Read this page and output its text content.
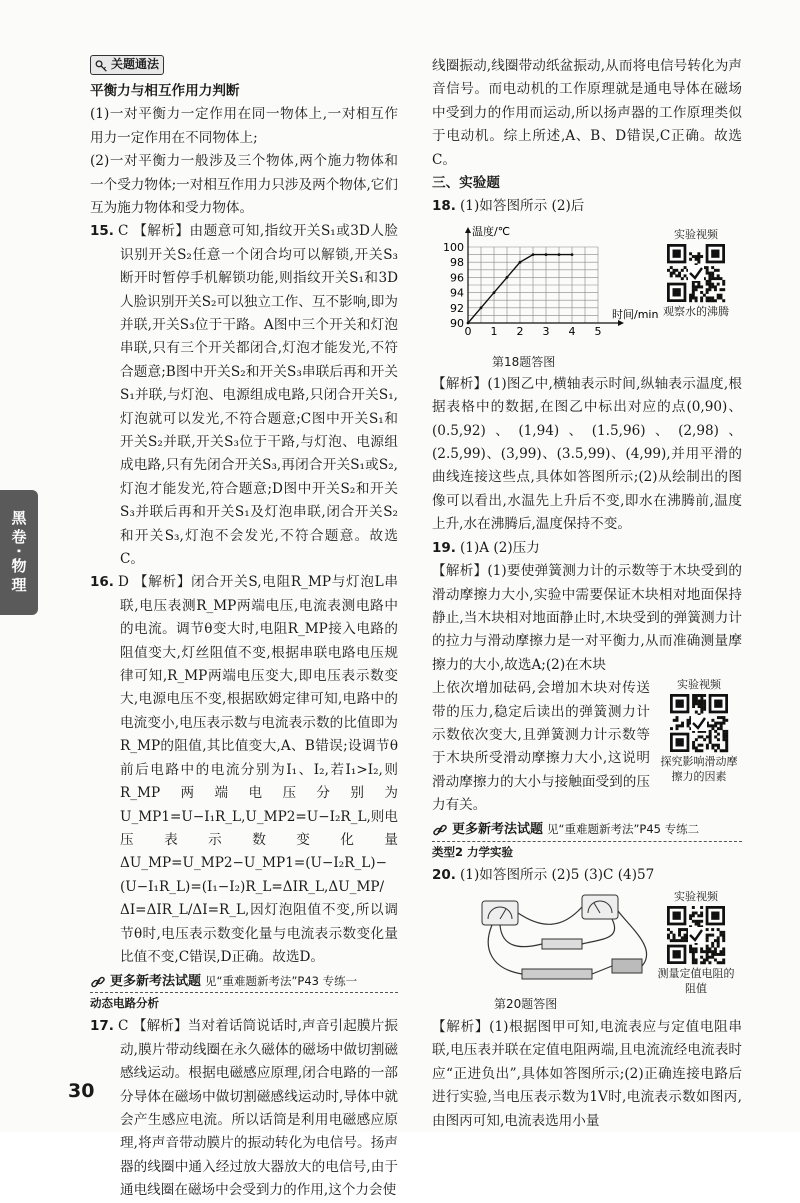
黑卷·物理
关题通法

平衡力与相互作用力判断

(1)一对平衡力一定作用在同一物体上,一对相互作用力一定作用在不同物体上;

(2)一对平衡力一般涉及三个物体,两个施力物体和一个受力物体;一对相互作用力只涉及两个物体,它们互为施力物体和受力物体。

15. C 【解析】由题意可知,指纹开关S₁或3D人脸识别开关S₂任意一个闭合均可以解锁,开关S₃断开时暂停手机解锁功能,则指纹开关S₁和3D人脸识别开关S₂可以独立工作、互不影响,即为并联,开关S₃位于干路。A图中三个开关和灯泡串联,只有三个开关都闭合,灯泡才能发光,不符合题意;B图中开关S₂和开关S₃串联后再和开关S₁并联,与灯泡、电源组成电路,只闭合开关S₁,灯泡就可以发光,不符合题意;C图中开关S₁和开关S₂并联,开关S₃位于干路,与灯泡、电源组成电路,只有先闭合开关S₃,再闭合开关S₁或S₂,灯泡才能发光,符合题意;D图中开关S₂和开关S₃并联后再和开关S₁及灯泡串联,闭合开关S₂和开关S₃,灯泡不会发光,不符合题意。故选C。

16. D 【解析】闭合开关S,电阻R_MP与灯泡L串联,电压表测R_MP两端电压,电流表测电路中的电流。调节θ变大时,电阻R_MP接入电路的阻值变大,灯丝阻值不变,根据串联电路电压规律可知,R_MP两端电压变大,即电压表示数变大,电源电压不变,根据欧姆定律可知,电路中的电流变小,电压表示数与电流表示数的比值即为R_MP的阻值,其比值变大,A、B错误;设调节θ前后电路中的电流分别为I₁、I₂,若I₁>I₂,则R_MP两端电压分别为U_MP1=U−I₁R_L,U_MP2=U−I₂R_L,则电压表示数变化量ΔU_MP=U_MP2−U_MP1=(U−I₂R_L)−(U−I₁R_L)=(I₁−I₂)R_L=ΔIR_L,ΔU_MP/ΔI=ΔIR_L/ΔI=R_L,因灯泡阻值不变,所以调节θ时,电压表示数变化量与电流表示数变化量比值不变,C错误,D正确。故选D。

更多新考法试题 见“重难题新考法”P43 专练一
动态电路分析

17. C 【解析】当对着话筒说话时,声音引起膜片振动,膜片带动线圈在永久磁体的磁场中做切割磁感线运动。根据电磁感应原理,闭合电路的一部分导体在磁场中做切割磁感线运动时,导体中就会产生感应电流。所以话筒是利用电磁感应原理,将声音带动膜片的振动转化为电信号。扬声器的线圈中通入经过放大器放大的电信号,由于通电线圈在磁场中会受到力的作用,这个力会使

线圈振动,线圈带动纸盆振动,从而将电信号转化为声音信号。而电动机的工作原理就是通电导体在磁场中受到力的作用而运动,所以扬声器的工作原理类似于电动机。综上所述,A、B、D错误,C正确。故选C。

三、实验题

18. (1)如答图所示 (2)后

0 1 2 3 4 5
90
92
94
96
98
100
温度/℃
时间/min
第18题答图
实验视频
观察水的沸腾

【解析】(1)图乙中,横轴表示时间,纵轴表示温度,根据表格中的数据,在图乙中标出对应的点(0,90)、(0.5,92)、(1,94)、(1.5,96)、(2,98)、(2.5,99)、(3,99)、(3.5,99)、(4,99),并用平滑的曲线连接这些点,具体如答图所示;(2)从绘制出的图像可以看出,水温先上升后不变,即水在沸腾前,温度上升,水在沸腾后,温度保持不变。

19. (1)A (2)压力

【解析】(1)要使弹簧测力计的示数等于木块受到的滑动摩擦力大小,实验中需要保证木块相对地面保持静止,当木块相对地面静止时,木块受到的弹簧测力计的拉力与滑动摩擦力是一对平衡力,从而准确测量摩擦力的大小,故选A;(2)在木块

实验视频
探究影响滑动摩擦力的因素

上依次增加砝码,会增加木块对传送带的压力,稳定后读出的弹簧测力计示数依次变大,且弹簧测力计示数等于木块所受滑动摩擦力大小,这说明滑动摩擦力的大小与接触面受到的压力有关。

更多新考法试题 见“重难题新考法”P45 专练二
类型2 力学实验

20. (1)如答图所示 (2)5 (3)C (4)57

第20题答图
实验视频
测量定值电阻的阻值

【解析】(1)根据图甲可知,电流表应与定值电阻串联,电压表并联在定值电阻两端,且电流流经电流表时应“正进负出”,具体如答图所示;(2)正确连接电路后进行实验,当电压表示数为1V时,电流表示数如图丙,由图丙可知,电流表选用小量

30
